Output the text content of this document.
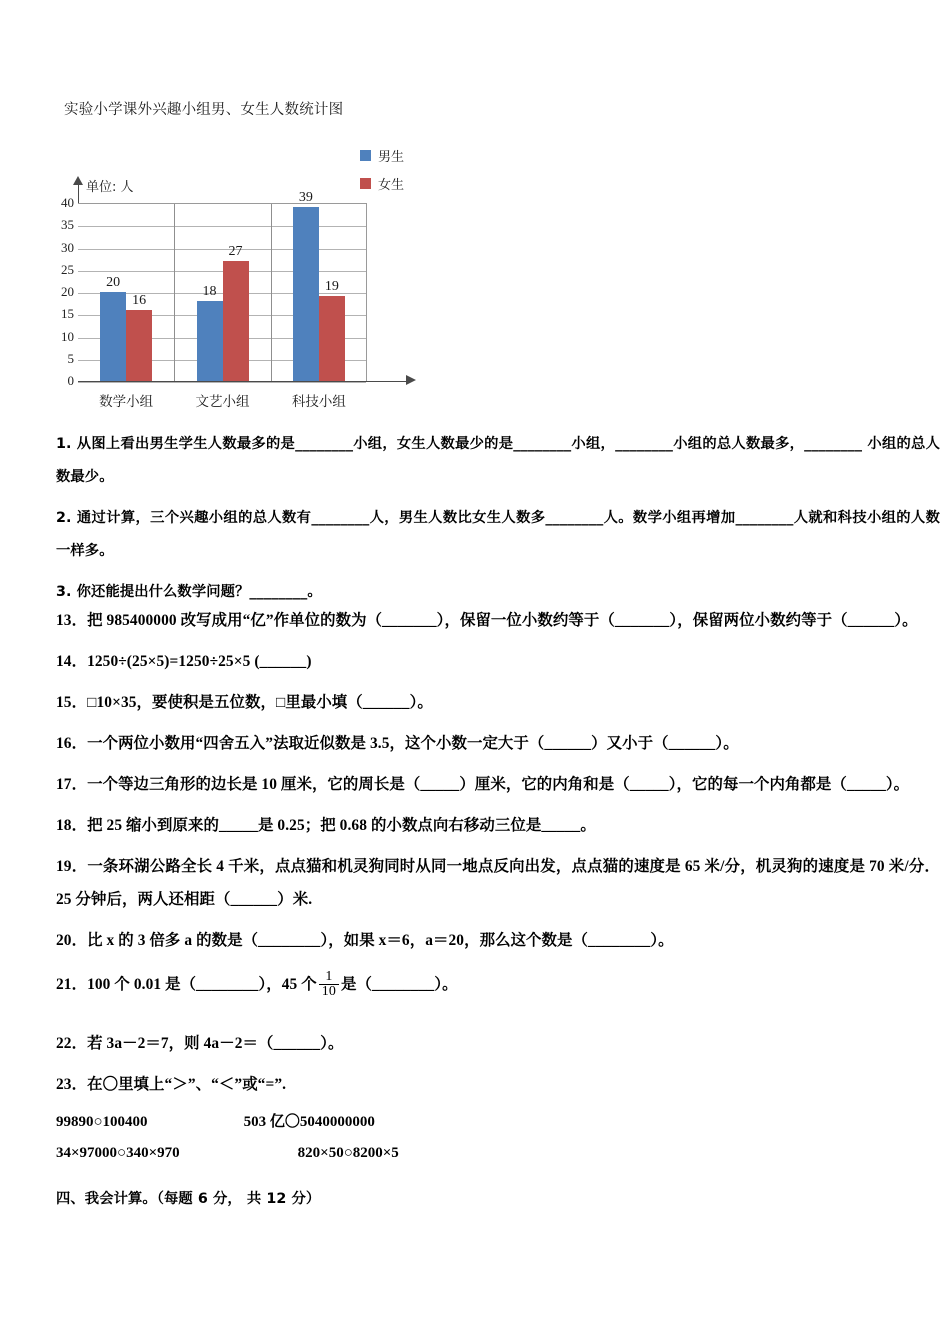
实验小学课外兴趣小组男、女生人数统计图
男生
女生
单位: 人
40
35
30
25
20
15
10
5
0
20
16
18
27
39
19
数学小组	文艺小组	科技小组

1. 从图上看出男生学生人数最多的是________小组，女生人数最少的是________小组，________小组的总人数最多，________ 小组的总人数最少。

2. 通过计算，三个兴趣小组的总人数有________人，男生人数比女生人数多________人。数学小组再增加________人就和科技小组的人数一样多。

3. 你还能提出什么数学问题？________。

13．把 985400000 改写成用“亿”作单位的数为（_______），保留一位小数约等于（_______），保留两位小数约等于（______）。

14．1250÷(25×5)=1250÷25×5 (______)

15．□10×35，要使积是五位数，□里最小填（______）。

16．一个两位小数用“四舍五入”法取近似数是 3.5，这个小数一定大于（______）又小于（______）。

17．一个等边三角形的边长是 10 厘米，它的周长是（_____）厘米，它的内角和是（_____），它的每一个内角都是（_____）。

18．把 25 缩小到原来的_____是 0.25；把 0.68 的小数点向右移动三位是_____。

19．一条环湖公路全长 4 千米，点点猫和机灵狗同时从同一地点反向出发，点点猫的速度是 65 米/分，机灵狗的速度是 70 米/分．25 分钟后，两人还相距（______）米.

20．比 x 的 3 倍多 a 的数是（________），如果 x＝6，a＝20，那么这个数是（________）。

21．100 个 0.01 是（________），45 个 $\frac{1}{10}$ 是（________）。

22．若 3a－2＝7，则 4a－2＝（______）。

23．在〇里填上“＞”、“＜”或“=”.

99890○100400	503 亿〇5040000000

34×97000○340×970	820×50○8200×5

四、我会计算。（每题 6 分， 共 12 分）
